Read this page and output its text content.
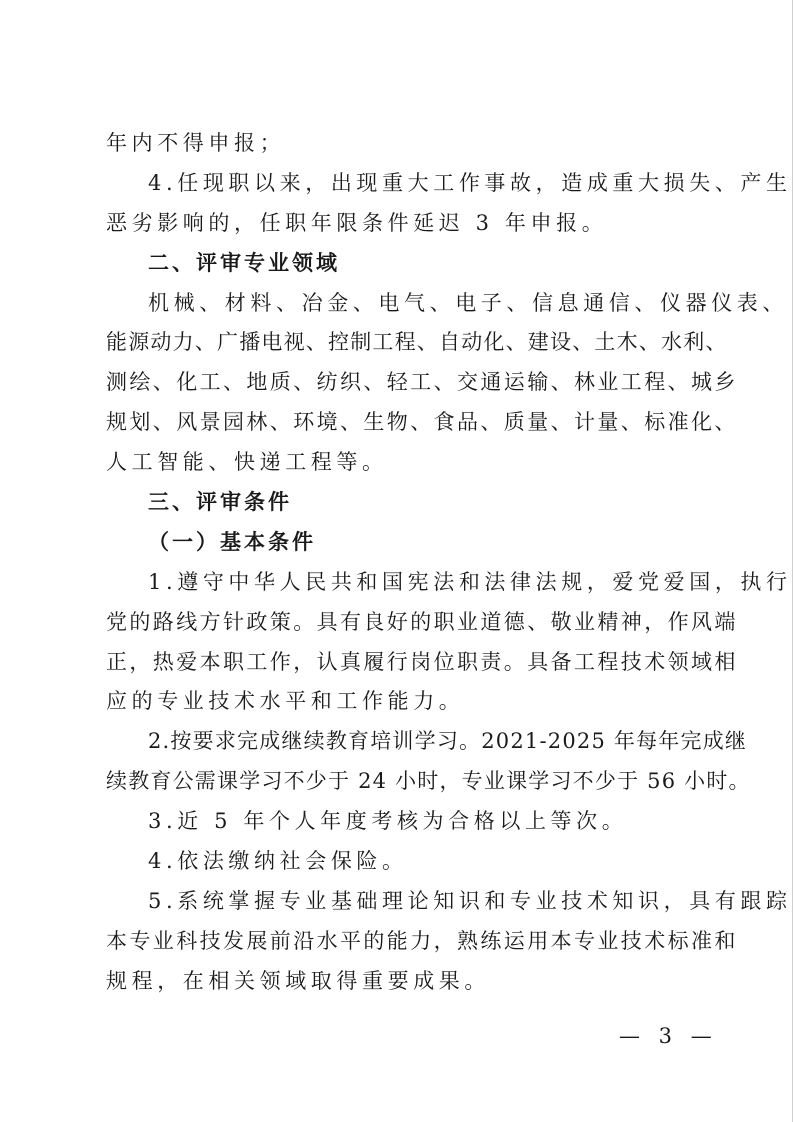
年内不得申报；
4.任现职以来，出现重大工作事故，造成重大损失、产生
恶劣影响的，任职年限条件延迟 3 年申报。
二、评审专业领域
机械、材料、冶金、电气、电子、信息通信、仪器仪表、
能源动力、广播电视、控制工程、自动化、建设、土木、水利、
测绘、化工、地质、纺织、轻工、交通运输、林业工程、城乡
规划、风景园林、环境、生物、食品、质量、计量、标准化、
人工智能、快递工程等。
三、评审条件
（一）基本条件
1.遵守中华人民共和国宪法和法律法规，爱党爱国，执行
党的路线方针政策。具有良好的职业道德、敬业精神，作风端
正，热爱本职工作，认真履行岗位职责。具备工程技术领域相
应的专业技术水平和工作能力。
2.按要求完成继续教育培训学习。2021-2025 年每年完成继
续教育公需课学习不少于 24 小时，专业课学习不少于 56 小时。
3.近 5 年个人年度考核为合格以上等次。
4.依法缴纳社会保险。
5.系统掌握专业基础理论知识和专业技术知识，具有跟踪
本专业科技发展前沿水平的能力，熟练运用本专业技术标准和
规程，在相关领域取得重要成果。
— 3 —
